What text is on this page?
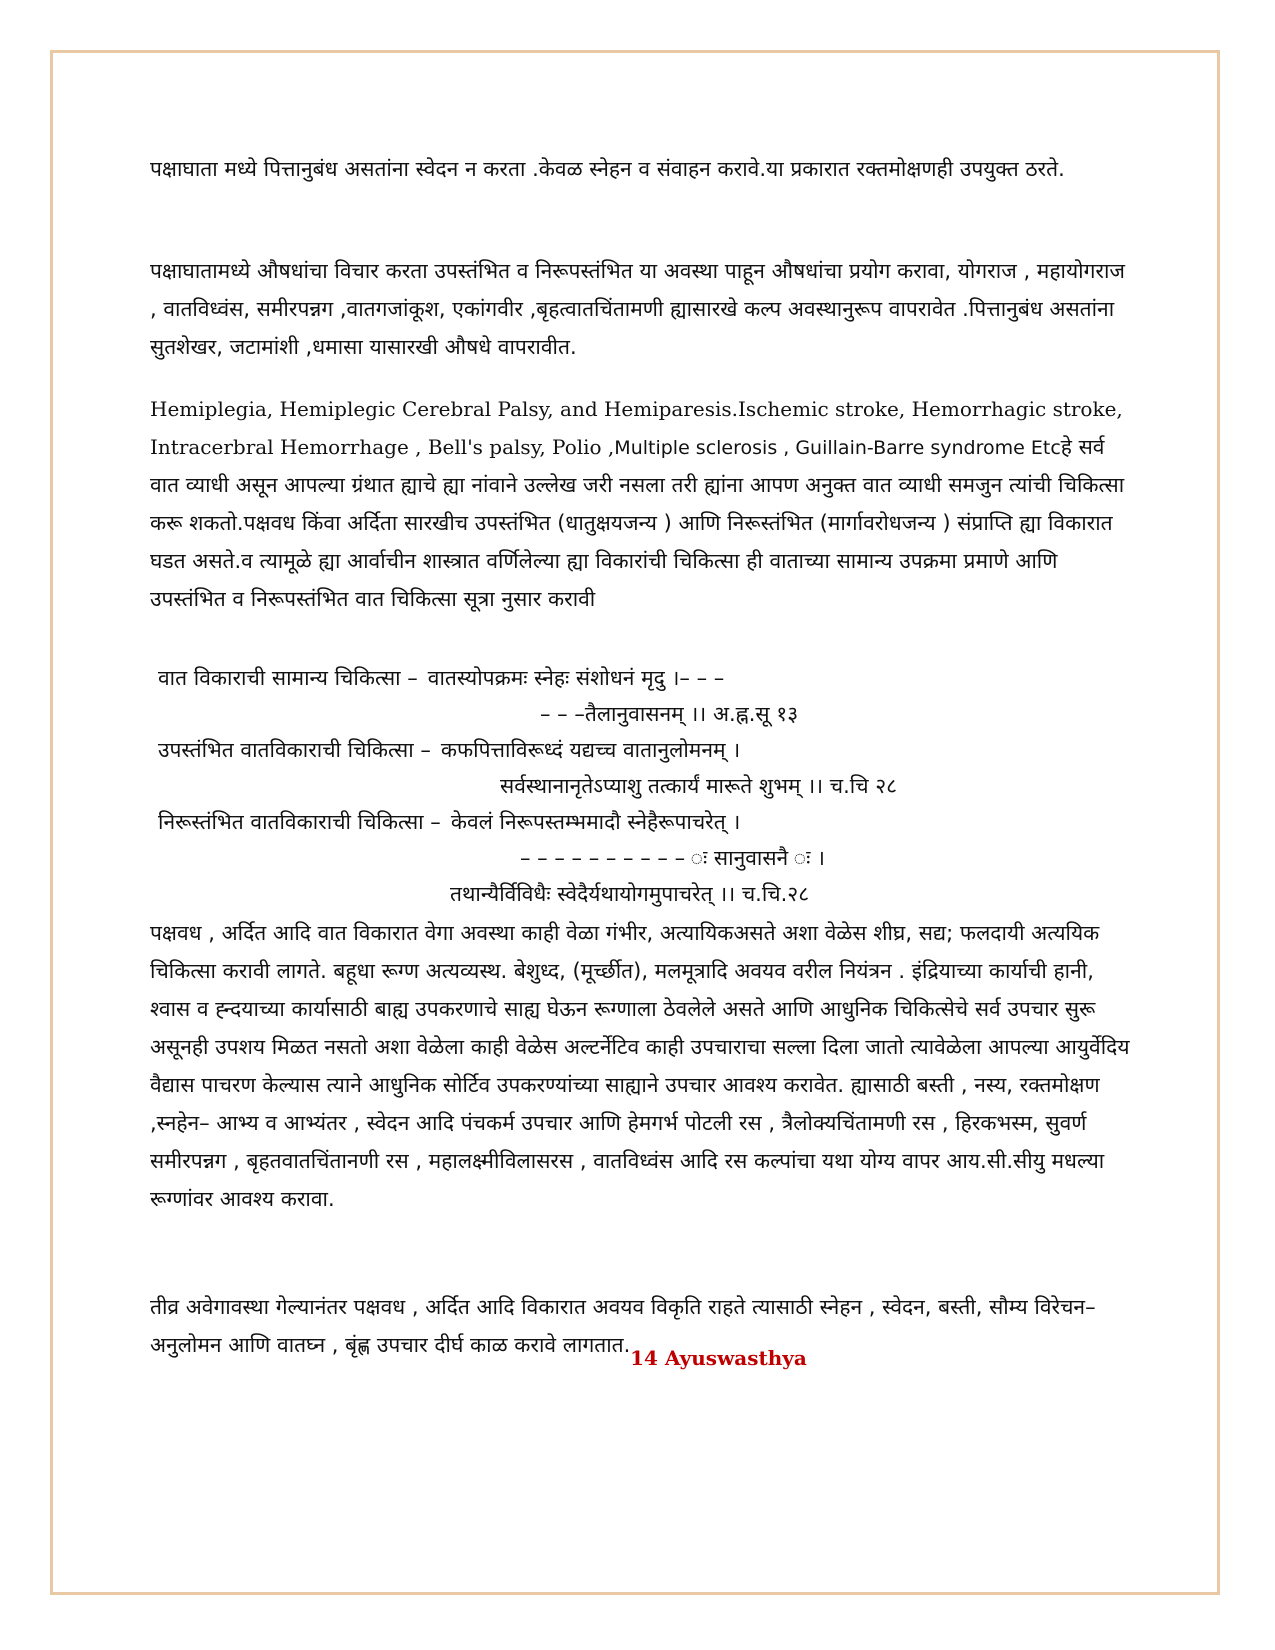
पक्षाघाता मध्ये पित्तानुबंध असतांना स्वेदन न करता .केवळ स्नेहन व संवाहन करावे.या प्रकारात रक्तमोक्षणही उपयुक्त ठरते.

पक्षाघातामध्ये औषधांचा विचार करता उपस्तंभित व निरूपस्तंभित या अवस्था पाहून औषधांचा प्रयोग करावा, योगराज , महायोगराज , वातविध्वंस, समीरपन्नग ,वातगजांकूश, एकांगवीर ,बृहत्वातचिंतामणी ह्यासारखे कल्प अवस्थानुरूप वापरावेत .पित्तानुबंध असतांना सुतशेखर, जटामांशी ,धमासा यासारखी औषधे वापरावीत.

Hemiplegia, Hemiplegic Cerebral Palsy, and Hemiparesis.Ischemic stroke, Hemorrhagic stroke, Intracerbral Hemorrhage , Bell's palsy, Polio ,Multiple sclerosis , Guillain-Barre syndrome Etcहे सर्व वात व्याधी असून आपल्या ग्रंथात ह्याचे ह्या नांवाने उल्लेख जरी नसला तरी ह्यांना आपण अनुक्त वात व्याधी समजुन त्यांची चिकित्सा करू शकतो.पक्षवध किंवा अर्दिता सारखीच उपस्तंभित (धातुक्षयजन्य ) आणि निरूस्तंभित (मार्गावरोधजन्य ) संप्राप्ति ह्या विकारात घडत असते.व त्यामूळे ह्या आर्वाचीन शास्त्रात वर्णिलेल्या ह्या विकारांची चिकित्सा ही वाताच्या सामान्य उपक्रमा प्रमाणे आणि उपस्तंभित व निरूपस्तंभित वात चिकित्सा सूत्रा नुसार करावी

वात विकाराची सामान्य चिकित्सा – वातस्योपक्रमः स्नेहः संशोधनं मृदु ।– – –
– – –तैलानुवासनम् ।। अ.ह्न.सू १३
उपस्तंभित वातविकाराची चिकित्सा – कफपित्ताविरूध्दं यद्यच्च वातानुलोमनम् ।
सर्वस्थानानृतेऽप्याशु तत्कार्यं मारूते शुभम् ।। च.चि २८
निरूस्तंभित वातविकाराची चिकित्सा – केवलं निरूपस्तम्भमादौ स्नेहैरूपाचरेत् ।
– – – – – – – – – – ः सानुवासनै ः ।
तथान्यैर्विविधैः स्वेदैर्यथायोगमुपाचरेत् ।। च.चि.२८

पक्षवध , अर्दित आदि वात विकारात वेगा अवस्था काही वेळा गंभीर, अत्यायिकअसते अशा वेळेस शीघ्र, सद्य; फलदायी अत्ययिक चिकित्सा करावी लागते. बहूधा रूग्ण अत्यव्यस्थ. बेशुध्द, (मूर्च्छीत), मलमूत्रादि अवयव वरील नियंत्रन . इंद्रियाच्या कार्याची हानी, श्वास व ह्न्दयाच्या कार्यासाठी बाह्य उपकरणाचे साह्य घेऊन रूग्णाला ठेवलेले असते आणि आधुनिक चिकित्सेचे सर्व उपचार सुरू असूनही उपशय मिळत नसतो अशा वेळेला काही वेळेस अल्टर्नेटिव काही उपचाराचा सल्ला दिला जातो त्यावेळेला आपल्या आयुर्वेदिय वैद्यास पाचरण केल्यास त्याने आधुनिक सोर्टिव उपकरण्यांच्या साह्याने उपचार आवश्य करावेत. ह्यासाठी बस्ती , नस्य, रक्तमोक्षण ,स्नहेन– आभ्य व आभ्यंतर , स्वेदन आदि पंचकर्म उपचार आणि हेमगर्भ पोटली रस , त्रैलोक्यचिंतामणी रस , हिरकभस्म, सुवर्ण समीरपन्नग , बृहतवातचिंतानणी रस , महालक्ष्मीविलासरस , वातविध्वंस आदि रस कल्पांचा यथा योग्य वापर आय.सी.सीयु मधल्या रूग्णांवर आवश्य करावा.

तीव्र अवेगावस्था गेल्यानंतर पक्षवध , अर्दित आदि विकारात अवयव विकृति राहते त्यासाठी स्नेहन , स्वेदन, बस्ती, सौम्य विरेचन– अनुलोमन आणि वातघ्न , बृंह्ण उपचार दीर्घ काळ करावे लागतात.

14 Ayuswasthya
